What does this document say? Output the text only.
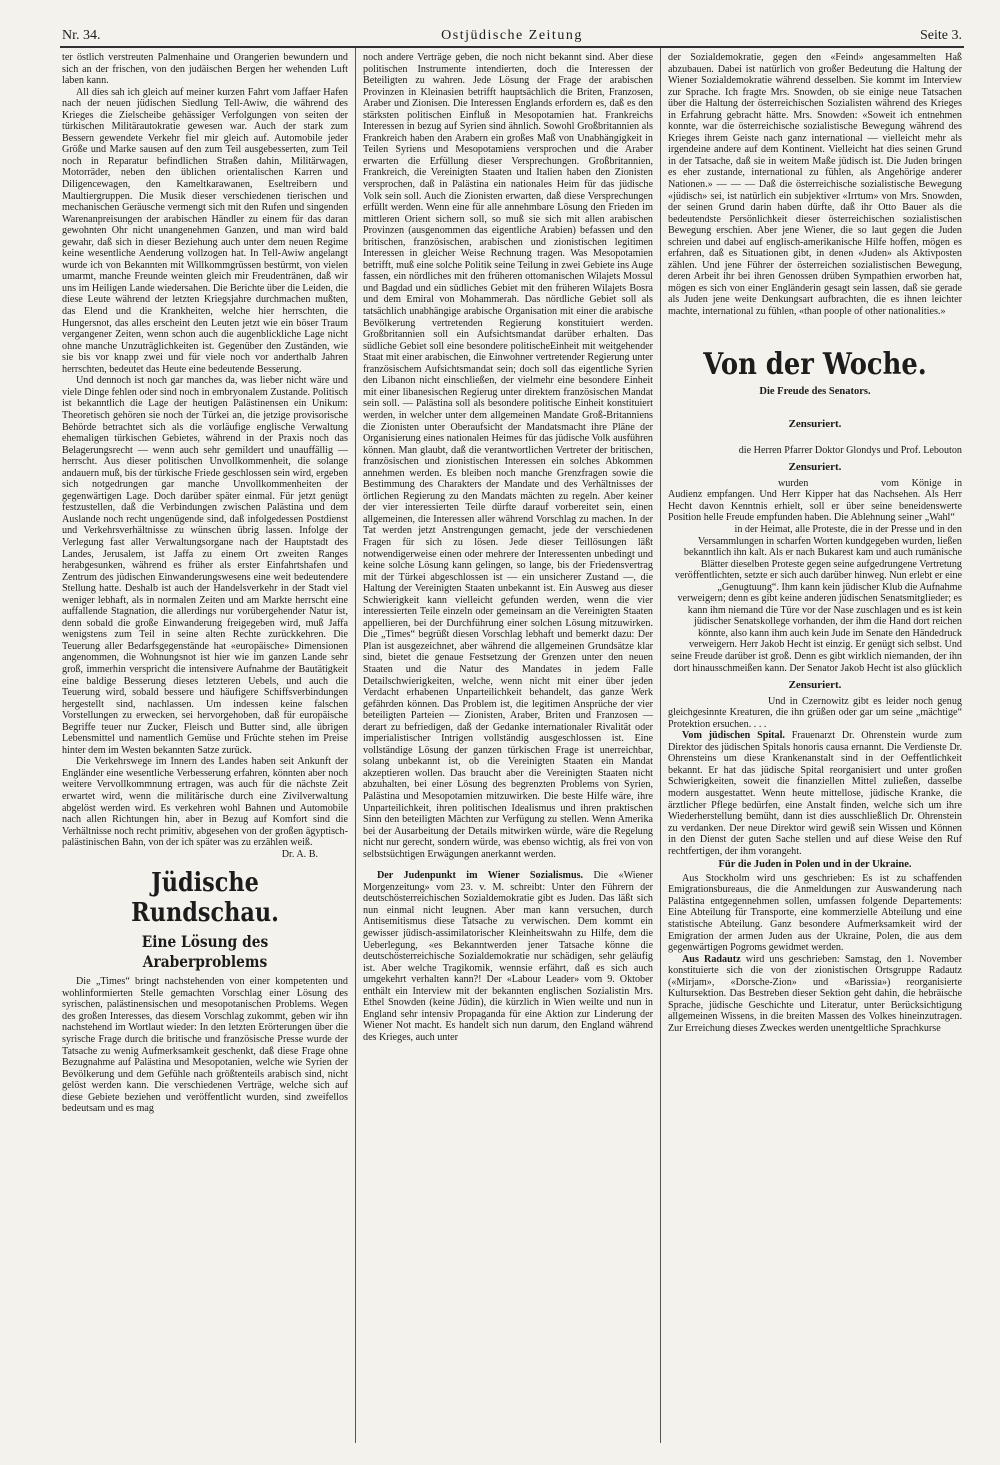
Nr. 34.	Ostjüdische Zeitung	Seite 3.

ter östlich verstreuten Palmenhaine und Orangerien bewundern und sich an der frischen, von den judäischen Bergen her wehenden Luft laben kann.

All dies sah ich gleich auf meiner kurzen Fahrt vom Jaffaer Hafen nach der neuen jüdischen Siedlung Tell-Awiw, die während des Krieges die Zielscheibe gehässiger Verfolgungen von seiten der türkischen Militärautokratie gewesen war. Auch der stark zum Bessern gewendete Verkehr fiel mir gleich auf. Automobile jeder Größe und Marke sausen auf den zum Teil ausgebesserten, zum Teil noch in Reparatur befindlichen Straßen dahin, Militärwagen, Motorräder, neben den üblichen orientalischen Karren und Diligencewagen, den Kameltkarawanen, Eseltreibern und Maultiergruppen. Die Musik dieser verschiedenen tierischen und mechanischen Geräusche vermengt sich mit den Rufen und singenden Warenanpreisungen der arabischen Händler zu einem für das daran gewohnten Ohr nicht unangenehmen Ganzen, und man wird bald gewahr, daß sich in dieser Beziehung auch unter dem neuen Regime keine wesentliche Aenderung vollzogen hat. In Tell-Awiw angelangt wurde ich von Bekannten mit Willkommgrüssen bestürmt, von vielen umarmt, manche Freunde weinten gleich mir Freudentränen, daß wir uns im Heiligen Lande wiedersahen. Die Berichte über die Leiden, die diese Leute während der letzten Kriegsjahre durchmachen mußten, das Elend und die Krankheiten, welche hier herrschten, die Hungersnot, das alles erscheint den Leuten jetzt wie ein böser Traum vergangener Zeiten, wenn schon auch die augenblickliche Lage nicht ohne manche Unzuträglichkeiten ist. Gegenüber den Zuständen, wie sie bis vor knapp zwei und für viele noch vor anderthalb Jahren herrschten, bedeutet das Heute eine bedeutende Besserung.

Und dennoch ist noch gar manches da, was lieber nicht wäre und viele Dinge fehlen oder sind noch in embryonalem Zustande. Politisch ist bekanntlich die Lage der heutigen Palästinensen ein Unikum: Theoretisch gehören sie noch der Türkei an, die jetzige provisorische Behörde betrachtet sich als die vorläufige englische Verwaltung ehemaligen türkischen Gebietes, während in der Praxis noch das Belagerungsrecht — wenn auch sehr gemildert und unauffällig — herrscht. Aus dieser politischen Unvollkommenheit, die solange andauern muß, bis der türkische Friede geschlossen sein wird, ergeben sich notgedrungen gar manche Unvollkommenheiten der gegenwärtigen Lage. Doch darüber später einmal. Für jetzt genügt festzustellen, daß die Verbindungen zwischen Palästina und dem Auslande noch recht ungenügende sind, daß infolgedessen Postdienst und Verkehrsverhältnisse zu wünschen übrig lassen. Infolge der Verlegung fast aller Verwaltungsorgane nach der Hauptstadt des Landes, Jerusalem, ist Jaffa zu einem Ort zweiten Ranges herabgesunken, während es früher als erster Einfahrtshafen und Zentrum des jüdischen Einwanderungswesens eine weit bedeutendere Stellung hatte. Deshalb ist auch der Handelsverkehr in der Stadt viel weniger lebhaft, als in normalen Zeiten und am Markte herrscht eine auffallende Stagnation, die allerdings nur vorübergehender Natur ist, denn sobald die große Einwanderung freigegeben wird, muß Jaffa wenigstens zum Teil in seine alten Rechte zurückkehren. Die Teuerung aller Bedarfsgegenstände hat «europäische» Dimensionen angenommen, die Wohnungsnot ist hier wie im ganzen Lande sehr groß, immerhin verspricht die intensivere Aufnahme der Bautätigkeit eine baldige Besserung dieses letzteren Uebels, und auch die Teuerung wird, sobald bessere und häufigere Schiffsverbindungen hergestellt sind, nachlassen. Um indessen keine falschen Vorstellungen zu erwecken, sei hervorgehoben, daß für europäische Begriffe teuer nur Zucker, Fleisch und Butter sind, alle übrigen Lebensmittel und namentlich Gemüse und Früchte stehen im Preise hinter dem im Westen bekannten Satze zurück.

Die Verkehrswege im Innern des Landes haben seit Ankunft der Engländer eine wesentliche Verbesserung erfahren, könnten aber noch weitere Vervollkommnung ertragen, was auch für die nächste Zeit erwartet wird, wenn die militärische durch eine Zivilverwaltung abgelöst werden wird. Es verkehren wohl Bahnen und Automobile nach allen Richtungen hin, aber in Bezug auf Komfort sind die Verhältnisse noch recht primitiv, abgesehen von der großen ägyptisch-palästinischen Bahn, von der ich später was zu erzählen weiß.

Dr. A. B.

Jüdische Rundschau.
Eine Lösung des Araberproblems

Die „Times“ bringt nachstehenden von einer kompetenten und wohlinformierten Stelle gemachten Vorschlag einer Lösung des syrischen, palästinensischen und mesopotanischen Problems. Wegen des großen Interesses, das diesem Vorschlag zukommt, geben wir ihn nachstehend im Wortlaut wieder: In den letzten Erörterungen über die syrische Frage durch die britische und französische Presse wurde der Tatsache zu wenig Aufmerksamkeit geschenkt, daß diese Frage ohne Bezugnahme auf Palästina und Mesopotanien, welche wie Syrien der Bevölkerung und dem Gefühle nach größtenteils arabisch sind, nicht gelöst werden kann. Die verschiedenen Verträge, welche sich auf diese Gebiete beziehen und veröffentlicht wurden, sind zweifellos bedeutsam und es mag

noch andere Verträge geben, die noch nicht bekannt sind. Aber diese politischen Instrumente intendierten, doch die Interessen der Beteiligten zu wahren. Jede Lösung der Frage der arabischen Provinzen in Kleinasien betrifft hauptsächlich die Briten, Franzosen, Araber und Zionisen. Die Interessen Englands erfordern es, daß es den stärksten politischen Einfluß in Mesopotamien hat. Frankreichs Interessen in bezug auf Syrien sind ähnlich. Sowohl Großbritannien als Frankreich haben den Arabern ein großes Maß von Unabhängigkeit in Teilen Syriens und Mesopotamiens versprochen und die Araber erwarten die Erfüllung dieser Versprechungen. Großbritannien, Frankreich, die Vereinigten Staaten und Italien haben den Zionisten versprochen, daß in Palästina ein nationales Heim für das jüdische Volk sein soll. Auch die Zionisten erwarten, daß diese Versprechungen erfüllt werden. Wenn eine für alle annehmbare Lösung den Frieden im mittleren Orient sichern soll, so muß sie sich mit allen arabischen Provinzen (ausgenommen das eigentliche Arabien) befassen und den britischen, französischen, arabischen und zionistischen legitimen Interessen in gleicher Weise Rechnung tragen. Was Mesopotamien betrifft, muß eine solche Politik seine Teilung in zwei Gebiete ins Auge fassen, ein nördliches mit den früheren ottomanischen Wilajets Mossul und Bagdad und ein südliches Gebiet mit den früheren Wilajets Bosra und dem Emiral von Mohammerah. Das nördliche Gebiet soll als tatsächlich unabhängige arabische Organisation mit einer die arabische Bevölkerung vertretenden Regierung konstituiert werden. Großbritannien soll ein Aufsichtsmandat darüber erhalten. Das südliche Gebiet soll eine besondere politischeEinheit mit weitgehender Staat mit einer arabischen, die Einwohner vertretender Regierung unter französischem Aufsichtsmandat sein; doch soll das eigentliche Syrien den Libanon nicht einschließen, der vielmehr eine besondere Einheit mit einer libanesischen Regierug unter direktem französischen Mandat sein soll. — Palästina soll als besondere politische Einheit konstituiert werden, in welcher unter dem allgemeinen Mandate Groß-Britanniens die Zionisten unter Oberaufsicht der Mandatsmacht ihre Pläne der Organisierung eines nationalen Heimes für das jüdische Volk ausführen können. Man glaubt, daß die verantwortlichen Vertreter der britischen, französischen und zionistischen Interessen ein solches Abkommen annehmen werden. Es bleiben noch manche Grenzfragen sowie die Bestimmung des Charakters der Mandate und des Verhältnisses der örtlichen Regierung zu den Mandats mächten zu regeln. Aber keiner der vier interessierten Teile dürfte darauf vorbereitet sein, einen allgemeinen, die Interessen aller während Vorschlag zu machen. In der Tat werden jetzt Anstrengungen gemacht, jede der verschiedenen Fragen für sich zu lösen. Jede dieser Teillösungen läßt notwendigerweise einen oder mehrere der Interessenten unbedingt und keine solche Lösung kann gelingen, so lange, bis der Friedensvertrag mit der Türkei abgeschlossen ist — ein unsicherer Zustand —, die Haltung der Vereinigten Staaten unbekannt ist. Ein Ausweg aus dieser Schwierigkeit kann vielleicht gefunden werden, wenn die vier interessierten Teile einzeln oder gemeinsam an die Vereinigten Staaten appellieren, bei der Durchführung einer solchen Lösung mitzuwirken. Die „Times“ begrüßt diesen Vorschlag lebhaft und bemerkt dazu: Der Plan ist ausgezeichnet, aber während die allgemeinen Grundsätze klar sind, bietet die genaue Festsetzung der Grenzen unter den neuen Staaten und die Natur des Mandates in jedem Falle Detailschwierigkeiten, welche, wenn nicht mit einer über jeden Verdacht erhabenen Unparteilichkeit behandelt, das ganze Werk gefährden können. Das Problem ist, die legitimen Ansprüche der vier beteiligten Parteien — Zionisten, Araber, Briten und Franzosen — derart zu befriedigen, daß der Gedanke internationaler Rivalität oder imperialistischer Intrigen vollständig ausgeschlossen ist. Eine vollständige Lösung der ganzen türkischen Frage ist unerreichbar, solang unbekannt ist, ob die Vereinigten Staaten ein Mandat akzeptieren wollen. Das braucht aber die Vereinigten Staaten nicht abzuhalten, bei einer Lösung des begrenzten Problems von Syrien, Palästina und Mesopotamien mitzuwirken. Die beste Hilfe wäre, ihre Unparteilichkeit, ihren politischen Idealismus und ihren praktischen Sinn den beteiligten Mächten zur Verfügung zu stellen. Wenn Amerika bei der Ausarbeitung der Details mitwirken würde, wäre die Regelung nicht nur gerecht, sondern würde, was ebenso wichtig, als frei von von selbstsüchtigen Erwägungen anerkannt werden.

Der Judenpunkt im Wiener Sozialismus. Die «Wiener Morgenzeitung» vom 23. v. M. schreibt: Unter den Führern der deutschösterreichischen Sozialdemokratie gibt es Juden. Das läßt sich nun einmal nicht leugnen. Aber man kann versuchen, durch Antisemitismus diese Tatsache zu verwischen. Dem kommt ein gewisser jüdisch-assimilatorischer Kleinheitswahn zu Hilfe, dem die Ueberlegung, «es Bekanntwerden jener Tatsache könne die deutschösterreichische Sozialdemokratie nur schädigen, sehr geläufig ist. Aber welche Tragikomik, wennsie erfährt, daß es sich auch umgekehrt verhalten kann?! Der «Labour Leader» vom 9. Oktober enthält ein Interview mit der bekannten englischen Sozialistin Mrs. Ethel Snowden (keine Jüdin), die kürzlich in Wien weilte und nun in England sehr intensiv Propaganda für eine Aktion zur Linderung der Wiener Not macht. Es handelt sich nun darum, den England während des Krieges, auch unter

der Sozialdemokratie, gegen den «Feind» angesammelten Haß abzubauen. Dabei ist natürlich von großer Bedeutung die Haltung der Wiener Sozialdemokratie während desselben. Sie kommt im Interview zur Sprache. Ich fragte Mrs. Snowden, ob sie einige neue Tatsachen über die Haltung der österreichischen Sozialisten während des Krieges in Erfahrung gebracht hätte. Mrs. Snowden: «Soweit ich entnehmen konnte, war die österreichische sozialistische Bewegung während des Krieges ihrem Geiste nach ganz international — vielleicht mehr als irgendeine andere auf dem Kontinent. Vielleicht hat dies seinen Grund in der Tatsache, daß sie in weitem Maße jüdisch ist. Die Juden bringen es eher zustande, international zu fühlen, als Angehörige anderer Nationen.» — — — Daß die österreichische sozialistische Bewegung «jüdisch» sei, ist natürlich ein subjektiver «Irrtum» von Mrs. Snowden, der seinen Grund darin haben dürfte, daß ihr Otto Bauer als die bedeutendste Persönlichkeit dieser österreichischen sozialistischen Bewegung erschien. Aber jene Wiener, die so laut gegen die Juden schreien und dabei auf englisch-amerikanische Hilfe hoffen, mögen es erfahren, daß es Situationen gibt, in denen «Juden» als Aktivposten zählen. Und jene Führer der österreichen sozialistischen Bewegung, deren Arbeit ihr bei ihren Genossen drüben Sympathien erworben hat, mögen es sich von einer Engländerin gesagt sein lassen, daß sie gerade als Juden jene weite Denkungsart aufbrachten, die es ihnen leichter machte, international zu fühlen, «than poople of other nationalities.»

Von der Woche.
Die Freude des Senators.
Zensuriert.

die Herren Pfarrer Doktor Glondys und Prof. Lebouton

Zensuriert.

wurden	vom Könige in Audienz empfangen. Und Herr Kipper hat das Nachsehen. Als Herr Hecht davon Kenntnis erhielt, soll er über seine beneidenswerte Position helle Freude empfunden haben. Die Ablehnung seiner „Wahl“

in der Heimat, alle Proteste, die in der Presse und in den Versammlungen in scharfen Worten kundgegeben wurden, ließen bekanntlich ihn kalt. Als er nach Bukarest kam und auch rumänische Blätter dieselben Proteste gegen seine aufgedrungene Vertretung veröffentlichten, setzte er sich auch darüber hinweg. Nun erlebt er eine „Genugtuung“. Ihm kann kein jüdischer Klub die Aufnahme verweigern; denn es gibt keine anderen jüdischen Senatsmitglieder; es kann ihm niemand die Türe vor der Nase zuschlagen und es ist kein jüdischer Senatskollege vorhanden, der ihm die Hand dort reichen könnte, also kann ihm auch kein Jude im Senate den Händedruck verweigern. Herr Jakob Hecht ist einzig. Er genügt sich selbst. Und seine Freude darüber ist groß. Denn es gibt wirklich niemanden, der ihn dort hinausschmeißen kann. Der Senator Jakob Hecht ist also glücklich

Zensuriert.

Und in Czernowitz gibt es leider noch genug gleichgesinnte Kreaturen, die ihn grüßen oder gar um seine „mächtige“ Protektion ersuchen. . . .

Vom jüdischen Spital. Frauenarzt Dr. Ohrenstein wurde zum Direktor des jüdischen Spitals honoris causa ernannt. Die Verdienste Dr. Ohrensteins um diese Krankenanstalt sind in der Oeffentlichkeit bekannt. Er hat das jüdische Spital reorganisiert und unter großen Schwierigkeiten, soweit die finanziellen Mittel zuließen, dasselbe modern ausgestattet. Wenn heute mittellose, jüdische Kranke, die ärztlicher Pflege bedürfen, eine Anstalt finden, welche sich um ihre Wiederherstellung bemüht, dann ist dies ausschließlich Dr. Ohrenstein zu verdanken. Der neue Direktor wird gewiß sein Wissen und Können in den Dienst der guten Sache stellen und auf diese Weise den Ruf rechtfertigen, der ihm vorangeht.

Für die Juden in Polen und in der Ukraine.

Aus Stockholm wird uns geschrieben: Es ist zu schaffenden Emigrationsbureaus, die die Anmeldungen zur Auswanderung nach Palästina entgegennehmen sollen, umfassen folgende Departements: Eine Abteilung für Transporte, eine kommerzielle Abteilung und eine statistische Abteilung. Ganz besondere Aufmerksamkeit wird der Emigration der armen Juden aus der Ukraine, Polen, die aus dem gegenwärtigen Pogroms gewidmet werden.

Aus Radautz wird uns geschrieben: Samstag, den 1. November konstituierte sich die von der zionistischen Ortsgruppe Radautz («Mirjam», «Dorsche-Zion» und «Barissia») reorganisierte Kultursektion. Das Bestreben dieser Sektion geht dahin, die hebräische Sprache, jüdische Geschichte und Literatur, unter Berücksichtigung allgemeinen Wissens, in die breiten Massen des Volkes hineinzutragen. Zur Erreichung dieses Zweckes werden unentgeltliche Sprachkurse
